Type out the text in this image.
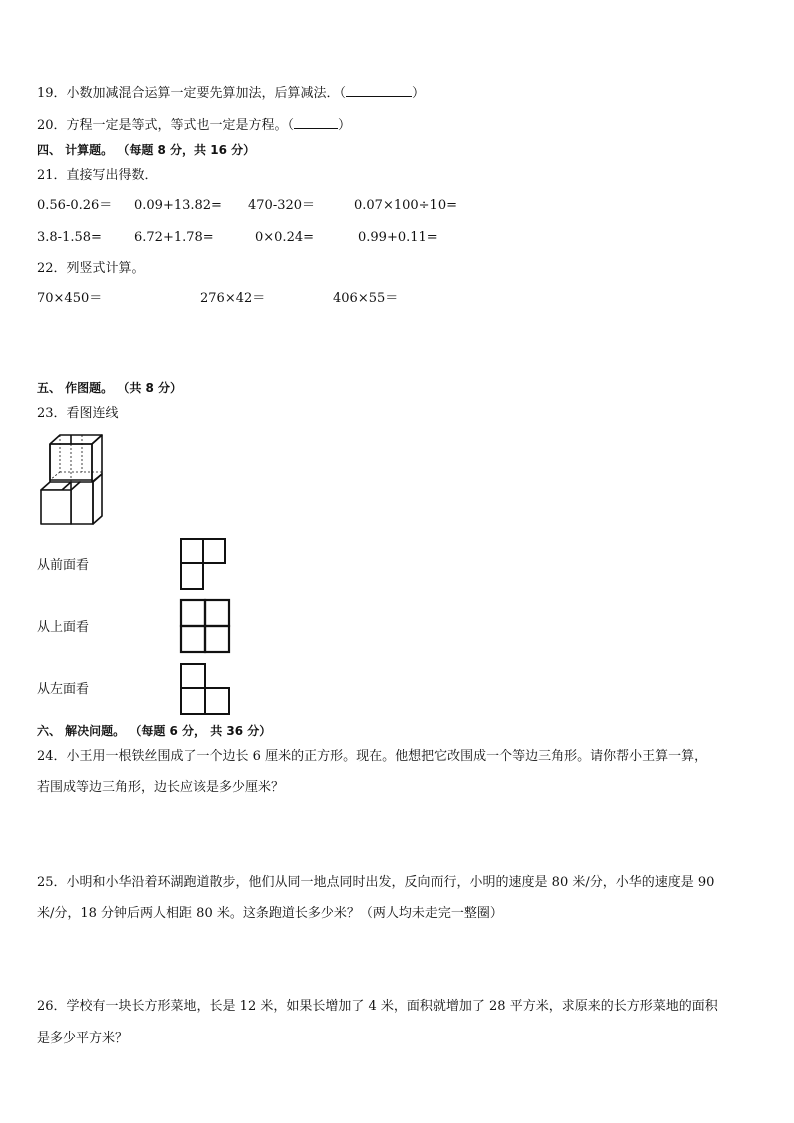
19．小数加减混合运算一定要先算加法，后算减法．（	）
20．方程一定是等式，等式也一定是方程。（	）
四、 计算题。 （每题 8 分，共 16 分）
21．直接写出得数．
0.56-0.26＝ 0.09+13.82= 470-320＝	0.07×100÷10=
3.8-1.58= 6.72+1.78=	0×0.24=	0.99+0.11=
22．列竖式计算。
70×450＝	276×42＝	406×55＝
五、 作图题。 （共 8 分）
23．看图连线
从前面看
从上面看
从左面看
六、 解决问题。 （每题 6 分， 共 36 分）
24．小王用一根铁丝围成了一个边长 6 厘米的正方形。现在。他想把它改围成一个等边三角形。请你帮小王算一算，
若围成等边三角形，边长应该是多少厘米？
25．小明和小华沿着环湖跑道散步，他们从同一地点同时出发，反向而行，小明的速度是 80 米/分，小华的速度是 90
米/分，18 分钟后两人相距 80 米。这条跑道长多少米？（两人均未走完一整圈）
26．学校有一块长方形菜地，长是 12 米，如果长增加了 4 米，面积就增加了 28 平方米，求原来的长方形菜地的面积
是多少平方米？
